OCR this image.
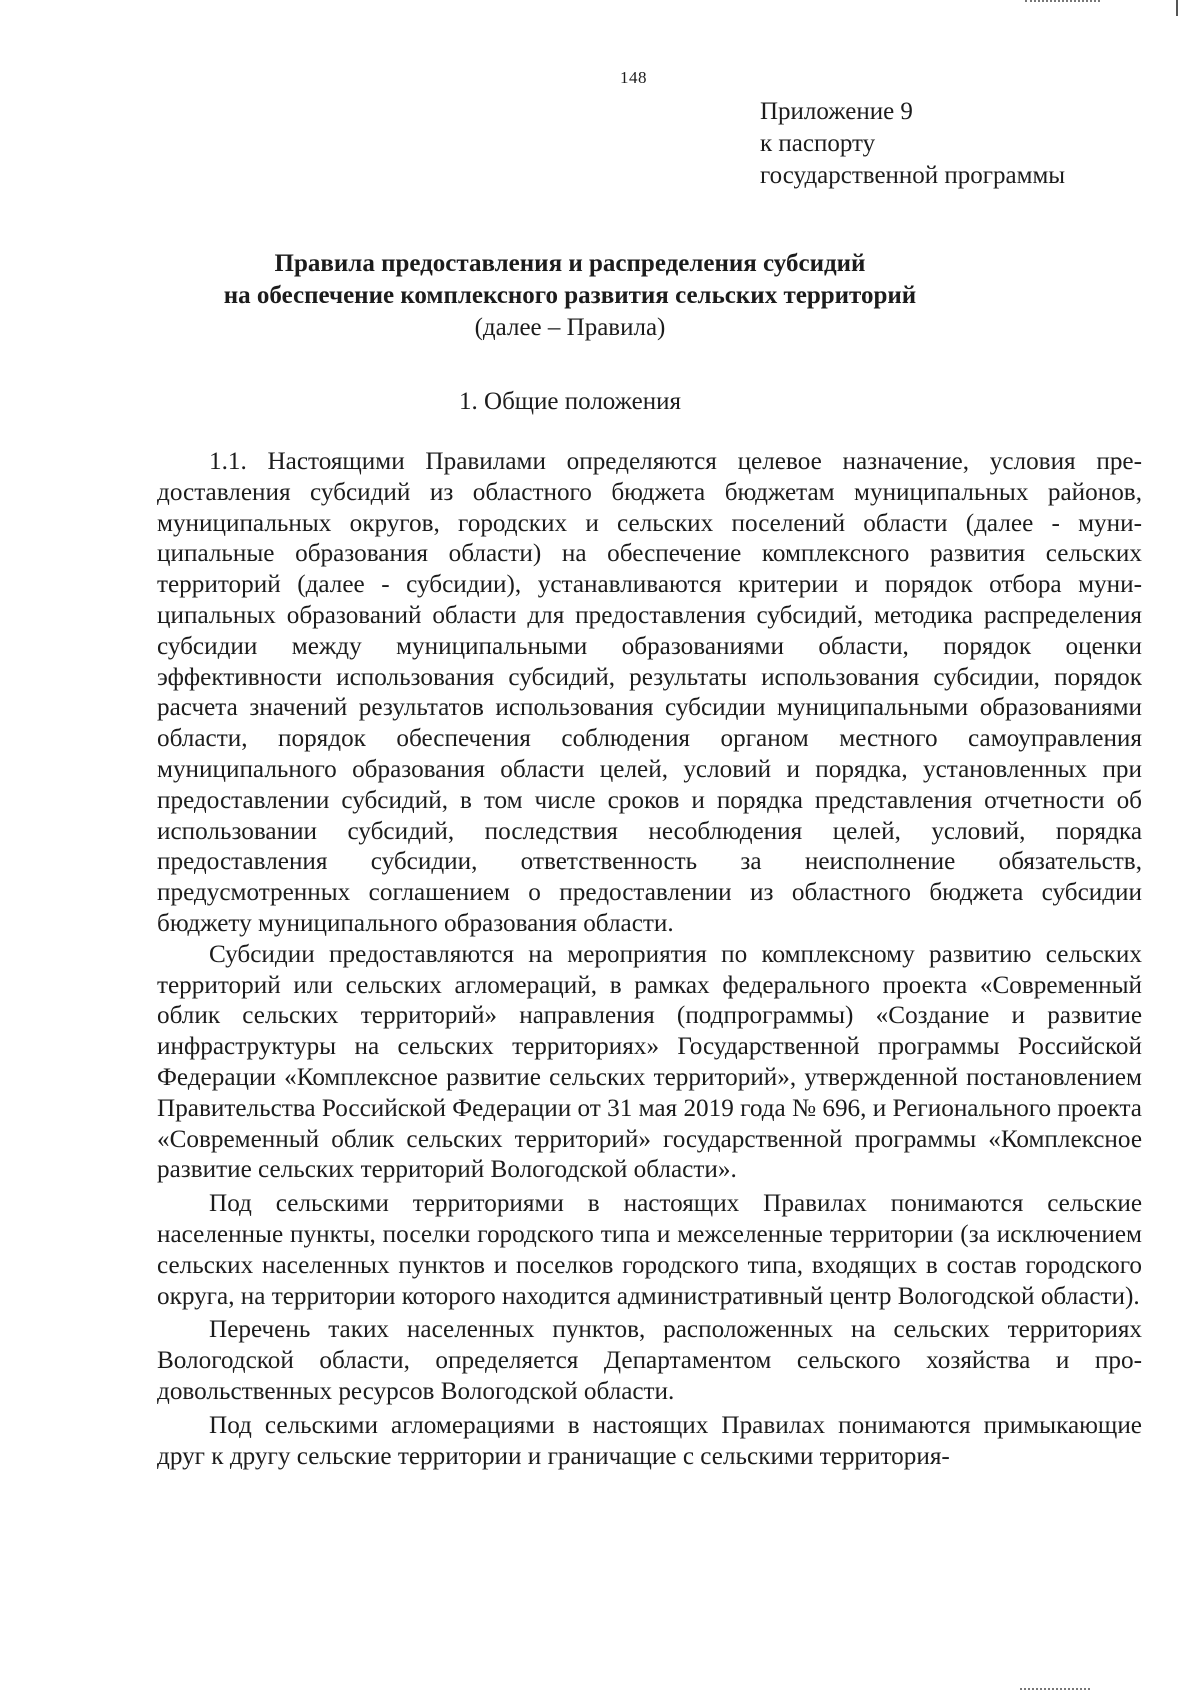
148
Приложение 9
к паспорту
государственной программы
Правила предоставления и распределения субсидий
на обеспечение комплексного развития сельских территорий
(далее – Правила)
1. Общие положения

1.1. Настоящими Правилами определяются целевое назначение, условия предоставления субсидий из областного бюджета бюджетам муниципальных районов, муниципальных округов, городских и сельских поселений области (далее - муниципальные образования области) на обеспечение комплексного развития сельских территорий (далее - субсидии), устанавливаются критерии и порядок отбора муниципальных образований области для предоставления субсидий, методика распределения субсидии между муниципальными образованиями области, порядок оценки эффективности использования субсидий, результаты использования субсидии, порядок расчета значений результатов использования субсидии муниципальными образованиями области, порядок обеспечения соблюдения органом местного самоуправления муниципального образования области целей, условий и порядка, установленных при предоставлении субсидий, в том числе сроков и порядка представления отчетности об использовании субсидий, последствия несоблюдения целей, условий, порядка предоставления субсидии, ответственность за неисполнение обязательств, предусмотренных соглашением о предоставлении из областного бюджета субсидии бюджету муниципального образования области.

Субсидии предоставляются на мероприятия по комплексному развитию сельских территорий или сельских агломераций, в рамках федерального проекта «Современный облик сельских территорий» направления (подпрограммы) «Создание и развитие инфраструктуры на сельских территориях» Государственной программы Российской Федерации «Комплексное развитие сельских территорий», утвержденной постановлением Правительства Российской Федерации от 31 мая 2019 года № 696, и Регионального проекта «Современный облик сельских территорий» государственной программы «Комплексное развитие сельских территорий Вологодской области».

Под сельскими территориями в настоящих Правилах понимаются сельские населенные пункты, поселки городского типа и межселенные территории (за исключением сельских населенных пунктов и поселков городского типа, входящих в состав городского округа, на территории которого находится административный центр Вологодской области).

Перечень таких населенных пунктов, расположенных на сельских территориях Вологодской области, определяется Департаментом сельского хозяйства и продовольственных ресурсов Вологодской области.

Под сельскими агломерациями в настоящих Правилах понимаются примыкающие друг к другу сельские территории и граничащие с сельскими территория-
